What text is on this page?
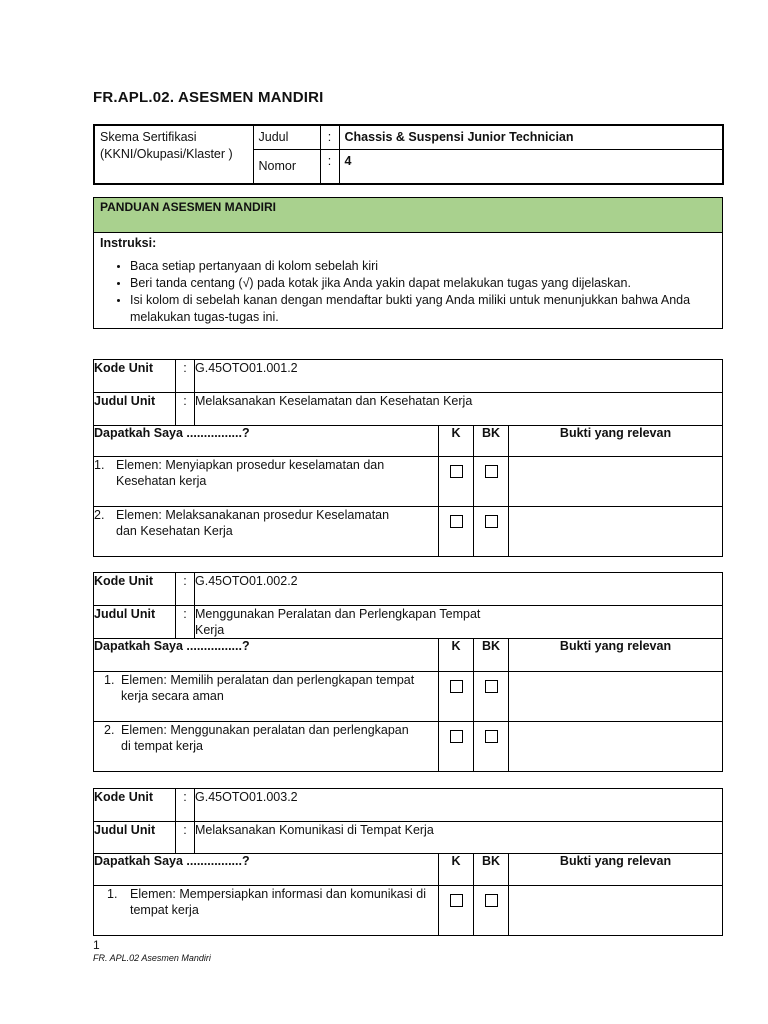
FR.APL.02. ASESMEN MANDIRI
Skema Sertifikasi (KKNI/Okupasi/Klaster )	Judul	:	Chassis & Suspensi Junior Technician
	Nomor	:	4
PANDUAN ASESMEN MANDIRI

Instruksi:
• Baca setiap pertanyaan di kolom sebelah kiri
• Beri tanda centang (√) pada kotak jika Anda yakin dapat melakukan tugas yang dijelaskan.
• Isi kolom di sebelah kanan dengan mendaftar bukti yang Anda miliki untuk menunjukkan bahwa Anda melakukan tugas-tugas ini.
Kode Unit	:	G.45OTO01.001.2			
Judul Unit	:	Melaksanakan Keselamatan dan Kesehatan Kerja			
Dapatkah Saya ................?			K	BK	Bukti yang relevan
1. Elemen: Menyiapkan prosedur keselamatan dan Kesehatan kerja			

2. Elemen: Melaksanakanan prosedur Keselamatan dan Kesehatan Kerja			

Kode Unit	:	G.45OTO01.002.2			
Judul Unit	:	Menggunakan Peralatan dan Perlengkapan Tempat Kerja			

Dapatkah Saya ................?			K	BK	Bukti yang relevan
1. Elemen: Memilih peralatan dan perlengkapan tempat kerja secara aman			

2. Elemen: Menggunakan peralatan dan perlengkapan di tempat kerja			

Kode Unit	:	G.45OTO01.003.2			
Judul Unit	:	Melaksanakan Komunikasi di Tempat Kerja			
Dapatkah Saya ................?			K	BK	Bukti yang relevan
1. Elemen: Mempersiapkan informasi dan komunikasi di tempat kerja			

1
FR. APL.02 Asesmen Mandiri
